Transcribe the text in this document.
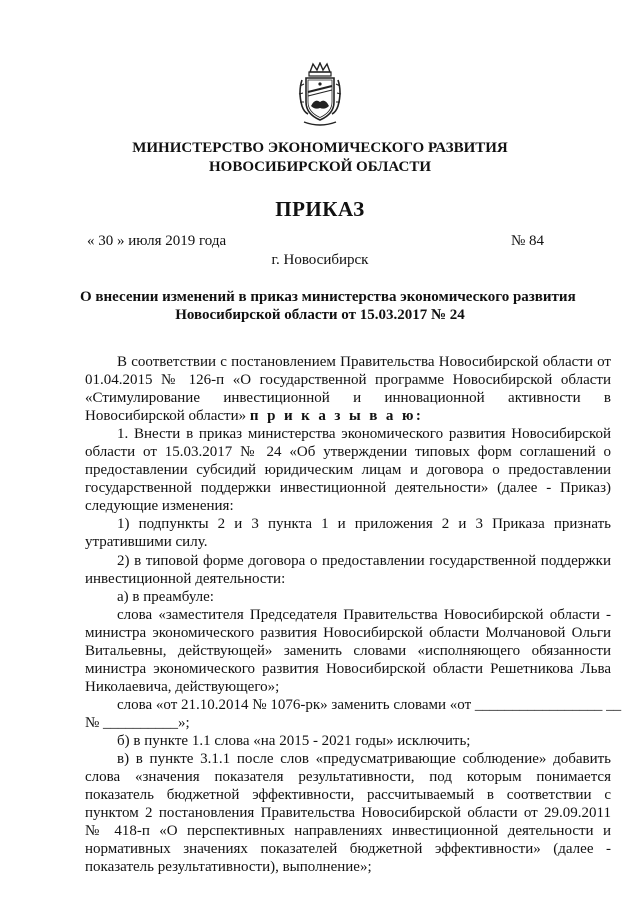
МИНИСТЕРСТВО ЭКОНОМИЧЕСКОГО РАЗВИТИЯ
НОВОСИБИРСКОЙ ОБЛАСТИ
ПРИКАЗ
« 30 » июля 2019 года	№ 84
г. Новосибирск
О внесении изменений в приказ министерства экономического развития
Новосибирской области от 15.03.2017 № 24

В соответствии с постановлением Правительства Новосибирской области от 01.04.2015 № 126-п «О государственной программе Новосибирской области «Стимулирование инвестиционной и инновационной активности в Новосибирской области» п р и к а з ы в а ю:

1. Внести в приказ министерства экономического развития Новосибирской области от 15.03.2017 № 24 «Об утверждении типовых форм соглашений о предоставлении субсидий юридическим лицам и договора о предоставлении государственной поддержки инвестиционной деятельности» (далее - Приказ) следующие изменения:

1) подпункты 2 и 3 пункта 1 и приложения 2 и 3 Приказа признать утратившими силу.

2) в типовой форме договора о предоставлении государственной поддержки инвестиционной деятельности:

а) в преамбуле:

слова «заместителя Председателя Правительства Новосибирской области - министра экономического развития Новосибирской области Молчановой Ольги Витальевны, действующей» заменить словами «исполняющего обязанности министра экономического развития Новосибирской области Решетникова Льва Николаевича, действующего»;

слова «от 21.10.2014 № 1076-рк» заменить словами «от _________________ __

№ __________»;

б) в пункте 1.1 слова «на 2015 - 2021 годы» исключить;

в) в пункте 3.1.1 после слов «предусматривающие соблюдение» добавить слова «значения показателя результативности, под которым понимается показатель бюджетной эффективности, рассчитываемый в соответствии с пунктом 2 постановления Правительства Новосибирской области от 29.09.2011 № 418-п «О перспективных направлениях инвестиционной деятельности и нормативных значениях показателей бюджетной эффективности» (далее - показатель результативности), выполнение»;
